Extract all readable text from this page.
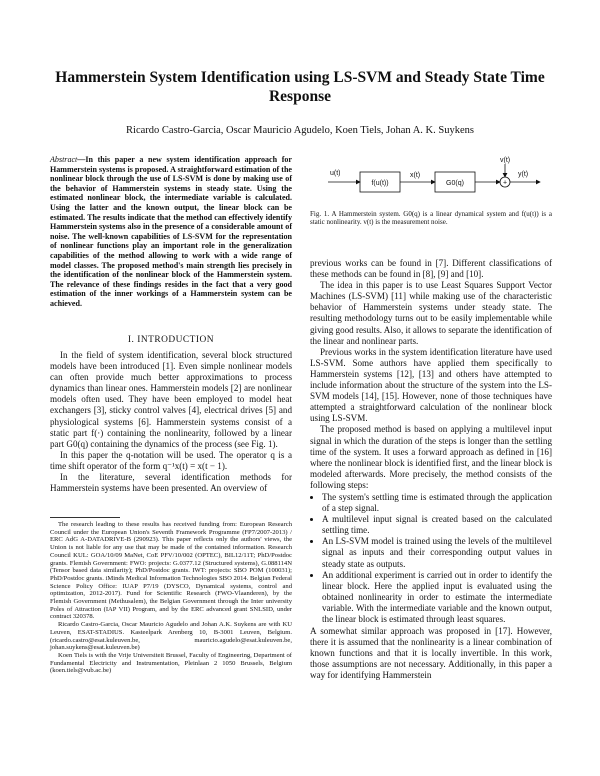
Hammerstein System Identification using LS-SVM and Steady State Time Response
Ricardo Castro-Garcia, Oscar Mauricio Agudelo, Koen Tiels, Johan A. K. Suykens
Abstract—In this paper a new system identification approach for Hammerstein systems is proposed. A straightforward estimation of the nonlinear block through the use of LS-SVM is done by making use of the behavior of Hammerstein systems in steady state. Using the estimated nonlinear block, the intermediate variable is calculated. Using the latter and the known output, the linear block can be estimated. The results indicate that the method can effectively identify Hammerstein systems also in the presence of a considerable amount of noise. The well-known capabilities of LS-SVM for the representation of nonlinear functions play an important role in the generalization capabilities of the method allowing to work with a wide range of model classes. The proposed method's main strength lies precisely in the identification of the nonlinear block of the Hammerstein system. The relevance of these findings resides in the fact that a very good estimation of the inner workings of a Hammerstein system can be achieved.
I. INTRODUCTION

In the field of system identification, several block structured models have been introduced [1]. Even simple nonlinear models can often provide much better approximations to process dynamics than linear ones. Hammerstein models [2] are nonlinear models often used. They have been employed to model heat exchangers [3], sticky control valves [4], electrical drives [5] and physiological systems [6]. Hammerstein systems consist of a static part f(·) containing the nonlinearity, followed by a linear part G0(q) containing the dynamics of the process (see Fig. 1).

In this paper the q-notation will be used. The operator q is a time shift operator of the form q⁻¹x(t) = x(t − 1).

In the literature, several identification methods for Hammerstein systems have been presented. An overview of

The research leading to these results has received funding from: European Research Council under the European Union's Seventh Framework Programme (FP7/2007-2013) / ERC AdG A-DATADRIVE-B (290923). This paper reflects only the authors' views, the Union is not liable for any use that may be made of the contained information. Research Council KUL: GOA/10/09 MaNet, CoE PFV/10/002 (OPTEC), BIL12/11T; PhD/Postdoc grants. Flemish Government: FWO: projects: G.0377.12 (Structured systems), G.088114N (Tensor based data similarity); PhD/Postdoc grants. IWT: projects: SBO POM (100031); PhD/Postdoc grants. iMinds Medical Information Technologies SBO 2014. Belgian Federal Science Policy Office: IUAP P7/19 (DYSCO, Dynamical systems, control and optimization, 2012-2017). Fund for Scientific Research (FWO-Vlaanderen), by the Flemish Government (Methusalem), the Belgian Government through the Inter university Poles of Attraction (IAP VII) Program, and by the ERC advanced grant SNLSID, under contract 320378.

Ricardo Castro-Garcia, Oscar Mauricio Agudelo and Johan A.K. Suykens are with KU Leuven, ESAT-STADIUS. Kasteelpark Arenberg 10, B-3001 Leuven, Belgium. (ricardo.castro@esat.kuleuven.be, mauricio.agudelo@esat.kuleuven.be, johan.suykens@esat.kuleuven.be)

Koen Tiels is with the Vrije Universiteit Brussel, Faculty of Engineering, Department of Fundamental Electricity and Instrumentation, Pleinlaan 2 1050 Brussels, Belgium (koen.tiels@vub.ac.be)

u(t)
f(u(t))
x(t)
G0(q)	+
v(t)
y(t)
Fig. 1. A Hammerstein system. G0(q) is a linear dynamical system and f(u(t)) is a static nonlinearity. v(t) is the measurement noise.

previous works can be found in [7]. Different classifications of these methods can be found in [8], [9] and [10].

The idea in this paper is to use Least Squares Support Vector Machines (LS-SVM) [11] while making use of the characteristic behavior of Hammerstein systems under steady state. The resulting methodology turns out to be easily implementable while giving good results. Also, it allows to separate the identification of the linear and nonlinear parts.

Previous works in the system identification literature have used LS-SVM. Some authors have applied them specifically to Hammerstein systems [12], [13] and others have attempted to include information about the structure of the system into the LS-SVM models [14], [15]. However, none of those techniques have attempted a straightforward calculation of the nonlinear block using LS-SVM.

The proposed method is based on applying a multilevel input signal in which the duration of the steps is longer than the settling time of the system. It uses a forward approach as defined in [16] where the nonlinear block is identified first, and the linear block is modeled afterwards. More precisely, the method consists of the following steps:

• The system's settling time is estimated through the application of a step signal.
• A multilevel input signal is created based on the calculated settling time.
• An LS-SVM model is trained using the levels of the multilevel signal as inputs and their corresponding output values in steady state as outputs.
• An additional experiment is carried out in order to identify the linear block. Here the applied input is evaluated using the obtained nonlinearity in order to estimate the intermediate variable. With the intermediate variable and the known output, the linear block is estimated through least squares.

A somewhat similar approach was proposed in [17]. However, there it is assumed that the nonlinearity is a linear combination of known functions and that it is locally invertible. In this work, those assumptions are not necessary. Additionally, in this paper a way for identifying Hammerstein
